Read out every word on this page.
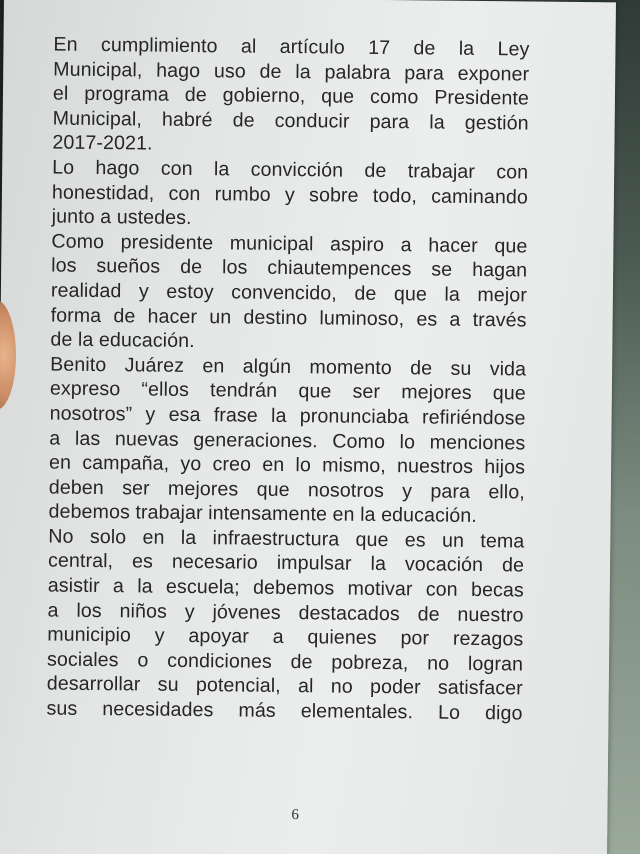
En cumplimiento al artículo 17 de la Ley
Municipal, hago uso de la palabra para exponer
el programa de gobierno, que como Presidente
Municipal, habré de conducir para la gestión
2017-2021.
Lo hago con la convicción de trabajar con
honestidad, con rumbo y sobre todo, caminando
junto a ustedes.
Como presidente municipal aspiro a hacer que
los sueños de los chiautempences se hagan
realidad y estoy convencido, de que la mejor
forma de hacer un destino luminoso, es a través
de la educación.
Benito Juárez en algún momento de su vida
expreso “ellos tendrán que ser mejores que
nosotros” y esa frase la pronunciaba refiriéndose
a las nuevas generaciones. Como lo menciones
en campaña, yo creo en lo mismo, nuestros hijos
deben ser mejores que nosotros y para ello,
debemos trabajar intensamente en la educación.
No solo en la infraestructura que es un tema
central, es necesario impulsar la vocación de
asistir a la escuela; debemos motivar con becas
a los niños y jóvenes destacados de nuestro
municipio y apoyar a quienes por rezagos
sociales o condiciones de pobreza, no logran
desarrollar su potencial, al no poder satisfacer
sus necesidades más elementales. Lo digo
6
